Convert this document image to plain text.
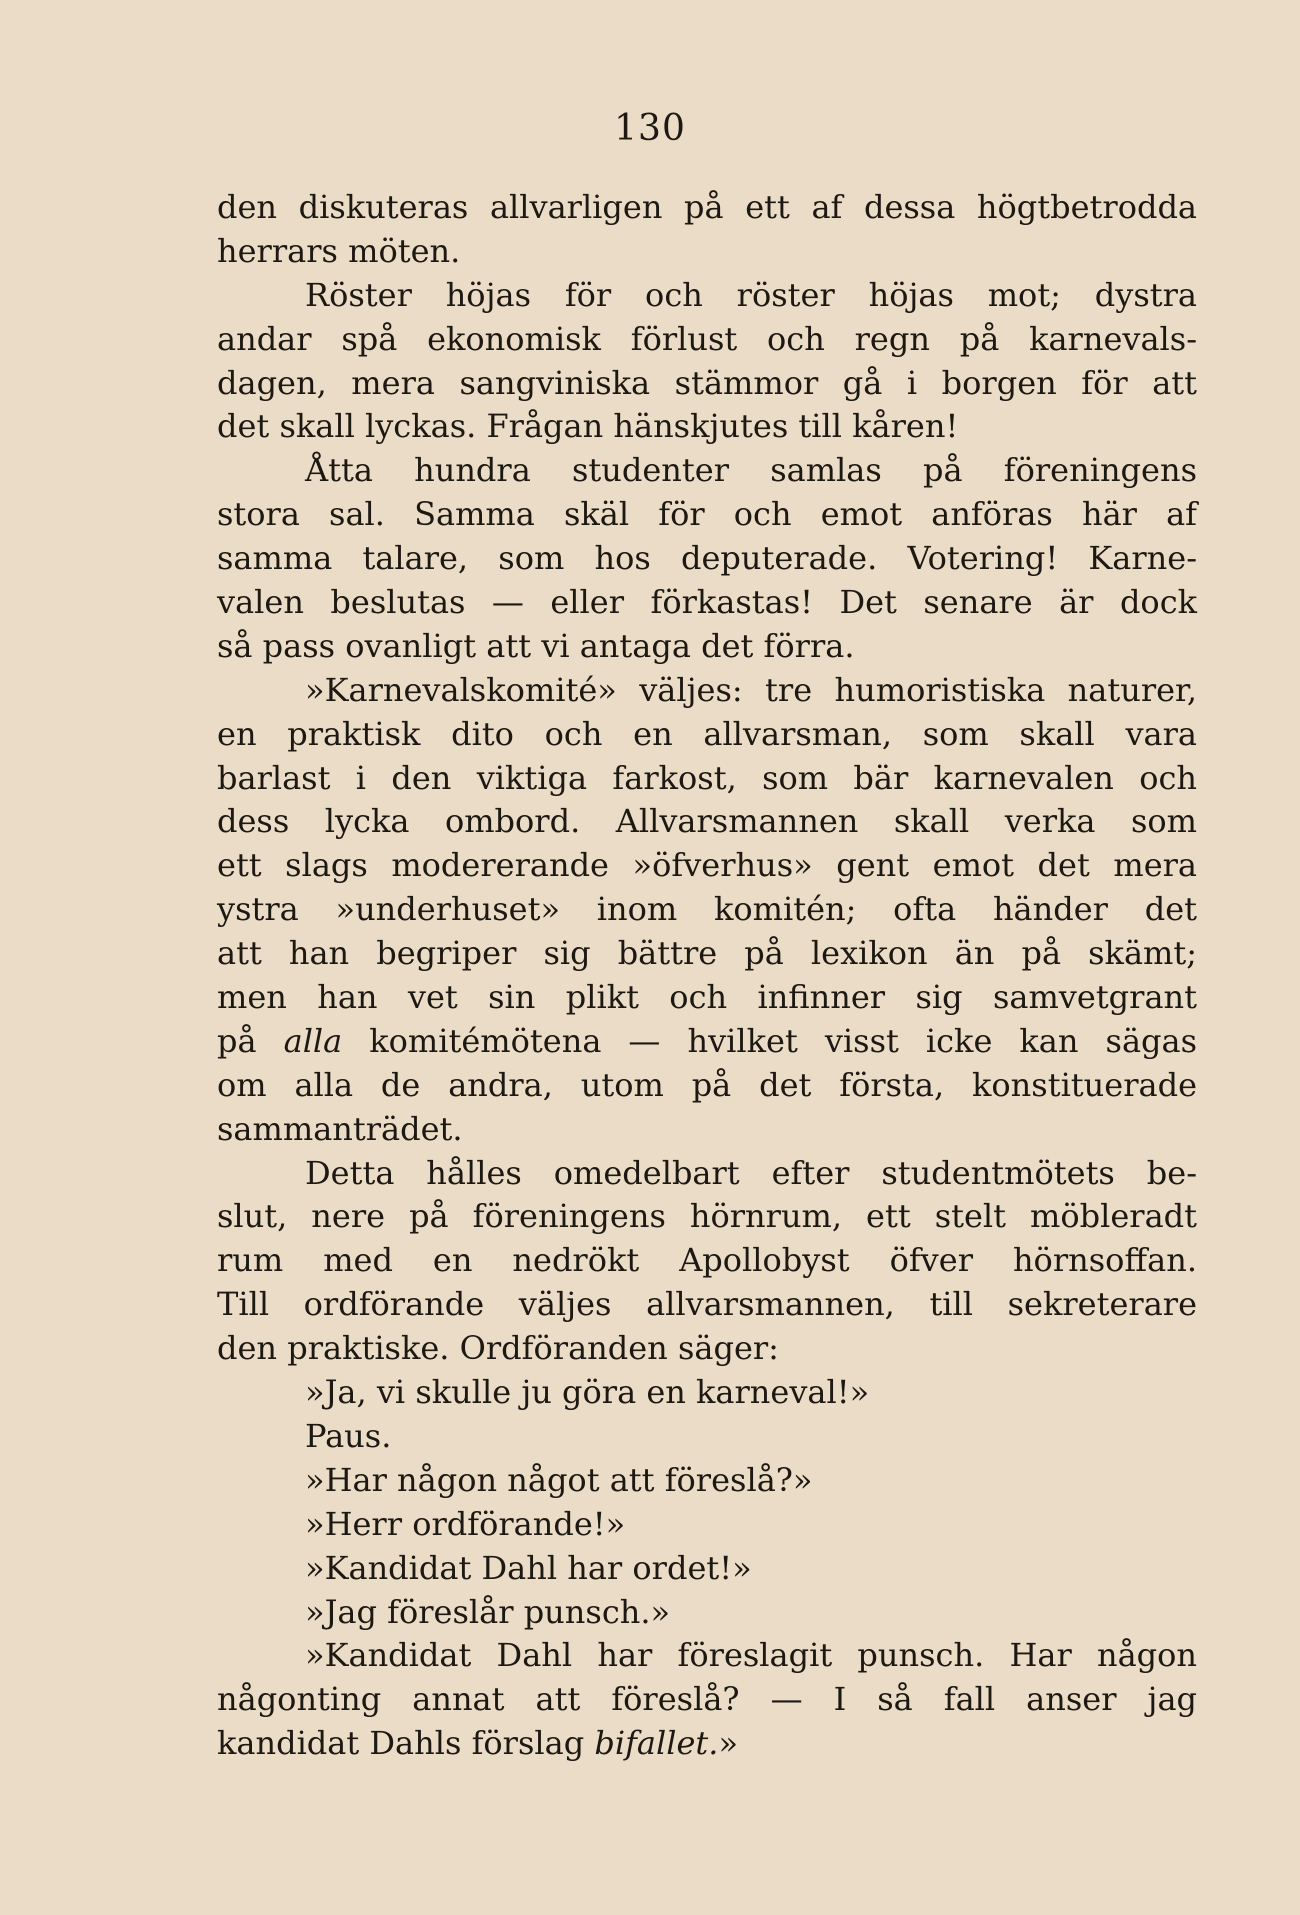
130
den diskuteras allvarligen på ett af dessa högtbetrodda
herrars möten.
Röster höjas för och röster höjas mot; dystra
andar spå ekonomisk förlust och regn på karnevals-
dagen, mera sangviniska stämmor gå i borgen för att
det skall lyckas. Frågan hänskjutes till kåren!
Åtta hundra studenter samlas på föreningens
stora sal. Samma skäl för och emot anföras här af
samma talare, som hos deputerade. Votering! Karne-
valen beslutas — eller förkastas! Det senare är dock
så pass ovanligt att vi antaga det förra.
»Karnevalskomité» väljes: tre humoristiska naturer,
en praktisk dito och en allvarsman, som skall vara
barlast i den viktiga farkost, som bär karnevalen och
dess lycka ombord. Allvarsmannen skall verka som
ett slags modererande »öfverhus» gent emot det mera
ystra »underhuset» inom komitén; ofta händer det
att han begriper sig bättre på lexikon än på skämt;
men han vet sin plikt och infinner sig samvetgrant
på alla komitémötena — hvilket visst icke kan sägas
om alla de andra, utom på det första, konstituerade
sammanträdet.
Detta hålles omedelbart efter studentmötets be-
slut, nere på föreningens hörnrum, ett stelt möbleradt
rum med en nedrökt Apollobyst öfver hörnsoffan.
Till ordförande väljes allvarsmannen, till sekreterare
den praktiske. Ordföranden säger:
»Ja, vi skulle ju göra en karneval!»
Paus.
»Har någon något att föreslå?»
»Herr ordförande!»
»Kandidat Dahl har ordet!»
»Jag föreslår punsch.»
»Kandidat Dahl har föreslagit punsch. Har någon
någonting annat att föreslå? — I så fall anser jag
kandidat Dahls förslag bifallet.»
